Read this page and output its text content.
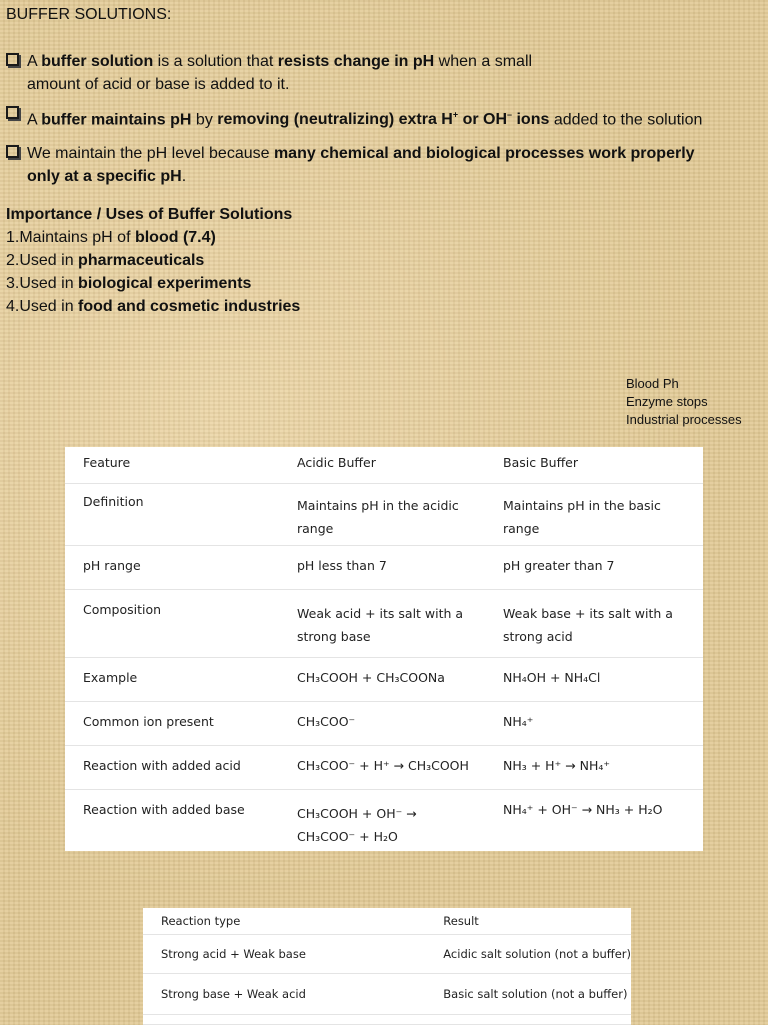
BUFFER SOLUTIONS:
A buffer solution is a solution that resists change in pH when a small
amount of acid or base is added to it.
A buffer maintains pH by removing (neutralizing) extra H+ or OH– ions added to the solution
We maintain the pH level because many chemical and biological processes work properly
only at a specific pH.
Importance / Uses of Buffer Solutions
1.Maintains pH of blood (7.4)
2.Used in pharmaceuticals
3.Used in biological experiments
4.Used in food and cosmetic industries
Blood Ph
Enzyme stops
Industrial processes
Feature	Acidic Buffer	Basic Buffer
Definition	Maintains pH in the acidic range	Maintains pH in the basic range
pH range	pH less than 7	pH greater than 7
Composition	Weak acid + its salt with a strong base	Weak base + its salt with a strong acid
Example	CH₃COOH + CH₃COONa	NH₄OH + NH₄Cl
Common ion present	CH₃COO⁻	NH₄⁺
Reaction with added acid	CH₃COO⁻ + H⁺ → CH₃COOH	NH₃ + H⁺ → NH₄⁺
Reaction with added base	CH₃COOH + OH⁻ → CH₃COO⁻ + H₂O	NH₄⁺ + OH⁻ → NH₃ + H₂O
Reaction type	Result
Strong acid + Weak base	Acidic salt solution (not a buffer)
Strong base + Weak acid	Basic salt solution (not a buffer)
